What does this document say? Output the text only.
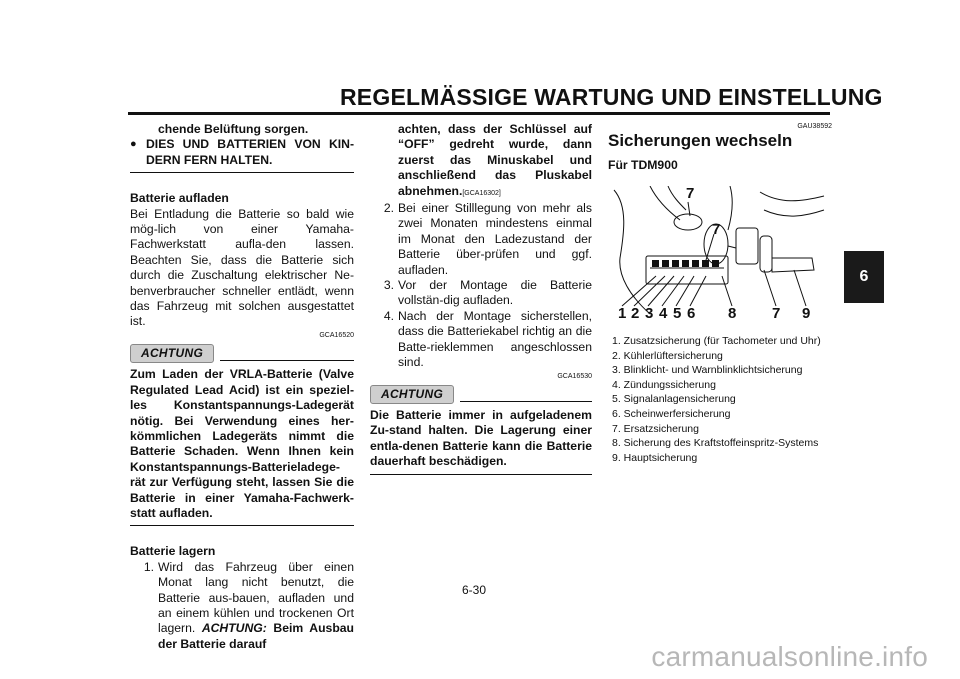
REGELMÄSSIGE WARTUNG UND EINSTELLUNG
6
chende Belüftung sorgen.
● DIES UND BATTERIEN VON KIN-DERN FERN HALTEN.
Batterie aufladen
Bei Entladung die Batterie so bald wie mög-lich von einer Yamaha-Fachwerkstatt aufla-den lassen. Beachten Sie, dass die Batterie sich durch die Zuschaltung elektrischer Ne-benverbraucher schneller entlädt, wenn das Fahrzeug mit solchen ausgestattet ist.
GCA16520
ACHTUNG
Zum Laden der VRLA-Batterie (Valve Regulated Lead Acid) ist ein speziel-les Konstantspannungs-Ladegerät nötig. Bei Verwendung eines her-kömmlichen Ladegeräts nimmt die Batterie Schaden. Wenn Ihnen kein Konstantspannungs-Batterieladege-rät zur Verfügung steht, lassen Sie die Batterie in einer Yamaha-Fachwerk-statt aufladen.
Batterie lagern
1. Wird das Fahrzeug über einen Monat lang nicht benutzt, die Batterie aus-bauen, aufladen und an einem kühlen und trockenen Ort lagern. ACHTUNG: Beim Ausbau der Batterie darauf
achten, dass der Schlüssel auf “OFF” gedreht wurde, dann zuerst das Minuskabel und anschließend das Pluskabel abnehmen.[GCA16302]
2. Bei einer Stilllegung von mehr als zwei Monaten mindestens einmal im Monat den Ladezustand der Batterie über-prüfen und ggf. aufladen.
3. Vor der Montage die Batterie vollstän-dig aufladen.
4. Nach der Montage sicherstellen, dass die Batteriekabel richtig an die Batte-rieklemmen angeschlossen sind.
GCA16530
ACHTUNG
Die Batterie immer in aufgeladenem Zu-stand halten. Die Lagerung einer entla-denen Batterie kann die Batterie dauerhaft beschädigen.
GAU38592
Sicherungen wechseln
Für TDM900
7
7
1 2 3 4 5 6 8 7 9
1. Zusatzsicherung (für Tachometer und Uhr)
2. Kühlerlüftersicherung
3. Blinklicht- und Warnblinklichtsicherung
4. Zündungssicherung
5. Signalanlagensicherung
6. Scheinwerfersicherung
7. Ersatzsicherung
8. Sicherung des Kraftstoffeinspritz-Systems
9. Hauptsicherung
6-30
carmanualsonline.info
